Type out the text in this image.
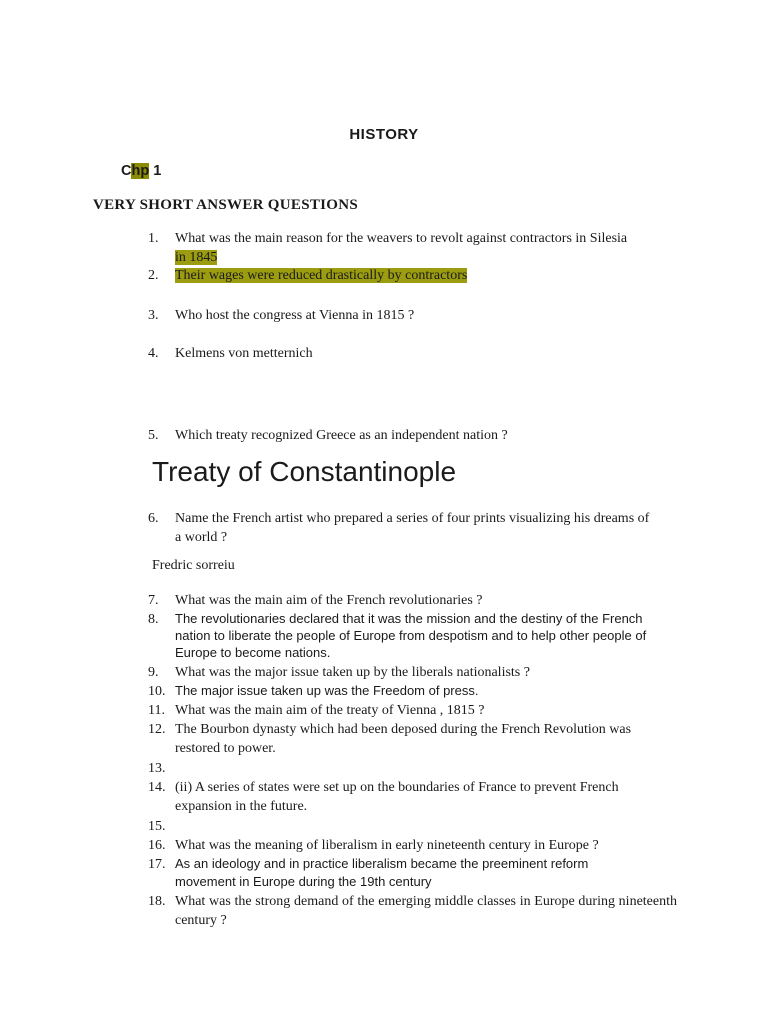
HISTORY
Chp 1
VERY SHORT ANSWER QUESTIONS
1.	What was the main reason for the weavers to revolt against contractors in Silesia
in 1845
2.	Their wages were reduced drastically by contractors
3.	Who host the congress at Vienna in 1815 ?
4.	Kelmens von metternich
5.	Which treaty recognized Greece as an independent nation ?
Treaty of Constantinople
6.	Name the French artist who prepared a series of four prints visualizing his dreams of a world ?
Fredric sorreiu
7.	What was the main aim of the French revolutionaries ?
8.	The revolutionaries declared that it was the mission and the destiny of the French nation to liberate the people of Europe from despotism and to help other people of Europe to become nations.
9.	What was the major issue taken up by the liberals nationalists ?
10. The major issue taken up was the Freedom of press.
11. What was the main aim of the treaty of Vienna , 1815 ?
12. The Bourbon dynasty which had been deposed during the French Revolution was restored to power.
13.
14. (ii) A series of states were set up on the boundaries of France to prevent French expansion in the future.
15.
16. What was the meaning of liberalism in early nineteenth century in Europe ?
17. As an ideology and in practice liberalism became the preeminent reform movement in Europe during the 19th century
18. What was the strong demand of the emerging middle classes in Europe during nineteenth century ?
